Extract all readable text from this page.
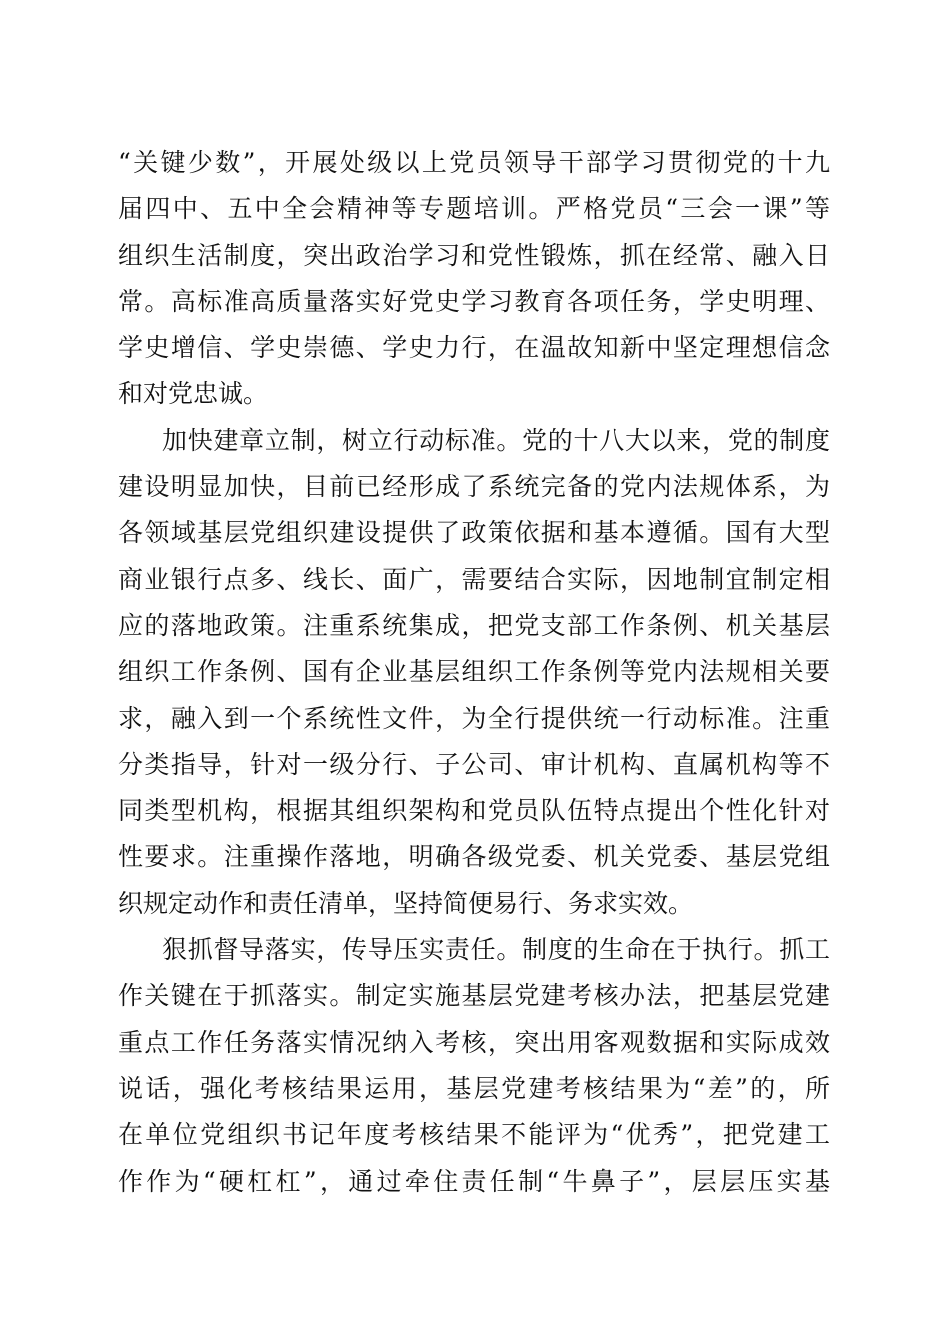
“关键少数”，开展处级以上党员领导干部学习贯彻党的十九
届四中、五中全会精神等专题培训。严格党员“三会一课”等
组织生活制度，突出政治学习和党性锻炼，抓在经常、融入日
常。高标准高质量落实好党史学习教育各项任务，学史明理、
学史增信、学史崇德、学史力行，在温故知新中坚定理想信念
和对党忠诚。
加快建章立制，树立行动标准。党的十八大以来，党的制度
建设明显加快，目前已经形成了系统完备的党内法规体系，为
各领域基层党组织建设提供了政策依据和基本遵循。国有大型
商业银行点多、线长、面广，需要结合实际，因地制宜制定相
应的落地政策。注重系统集成，把党支部工作条例、机关基层
组织工作条例、国有企业基层组织工作条例等党内法规相关要
求，融入到一个系统性文件，为全行提供统一行动标准。注重
分类指导，针对一级分行、子公司、审计机构、直属机构等不
同类型机构，根据其组织架构和党员队伍特点提出个性化针对
性要求。注重操作落地，明确各级党委、机关党委、基层党组
织规定动作和责任清单，坚持简便易行、务求实效。
狠抓督导落实，传导压实责任。制度的生命在于执行。抓工
作关键在于抓落实。制定实施基层党建考核办法，把基层党建
重点工作任务落实情况纳入考核，突出用客观数据和实际成效
说话，强化考核结果运用，基层党建考核结果为“差”的，所
在单位党组织书记年度考核结果不能评为“优秀”，把党建工
作作为“硬杠杠”，通过牵住责任制“牛鼻子”，层层压实基
